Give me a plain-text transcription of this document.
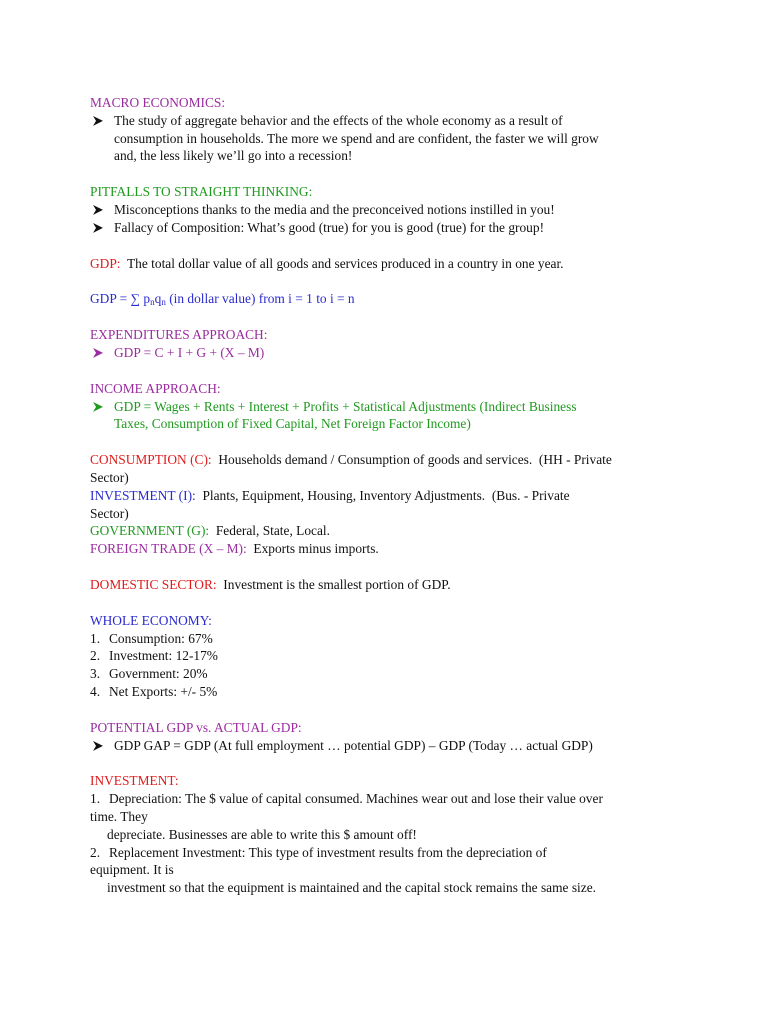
MACRO ECONOMICS:
The study of aggregate behavior and the effects of the whole economy as a result of
consumption in households. The more we spend and are confident, the faster we will grow
and, the less likely we’ll go into a recession!
PITFALLS TO STRAIGHT THINKING:
Misconceptions thanks to the media and the preconceived notions instilled in you!
Fallacy of Composition: What’s good (true) for you is good (true) for the group!
GDP: The total dollar value of all goods and services produced in a country in one year.
GDP = ∑ $p_nq_n$ (in dollar value) from i = 1 to i = n
EXPENDITURES APPROACH:
GDP = C + I + G + (X – M)
INCOME APPROACH:
GDP = Wages + Rents + Interest + Profits + Statistical Adjustments (Indirect Business
Taxes, Consumption of Fixed Capital, Net Foreign Factor Income)
CONSUMPTION (C):  Households demand / Consumption of goods and services.  (HH - Private
Sector)
INVESTMENT (I):  Plants, Equipment, Housing, Inventory Adjustments.  (Bus. - Private
Sector)
GOVERNMENT (G):  Federal, State, Local.
FOREIGN TRADE (X – M):  Exports minus imports.
DOMESTIC SECTOR:  Investment is the smallest portion of GDP.
WHOLE ECONOMY:
1. Consumption: 67%
2. Investment: 12-17%
3. Government: 20%
4. Net Exports: +/- 5%
POTENTIAL GDP vs. ACTUAL GDP:
GDP GAP = GDP (At full employment … potential GDP) – GDP (Today … actual GDP)
INVESTMENT:
1. Depreciation: The $ value of capital consumed. Machines wear out and lose their value over
time. They
depreciate. Businesses are able to write this $ amount off!
2. Replacement Investment: This type of investment results from the depreciation of
equipment. It is
investment so that the equipment is maintained and the capital stock remains the same size.
